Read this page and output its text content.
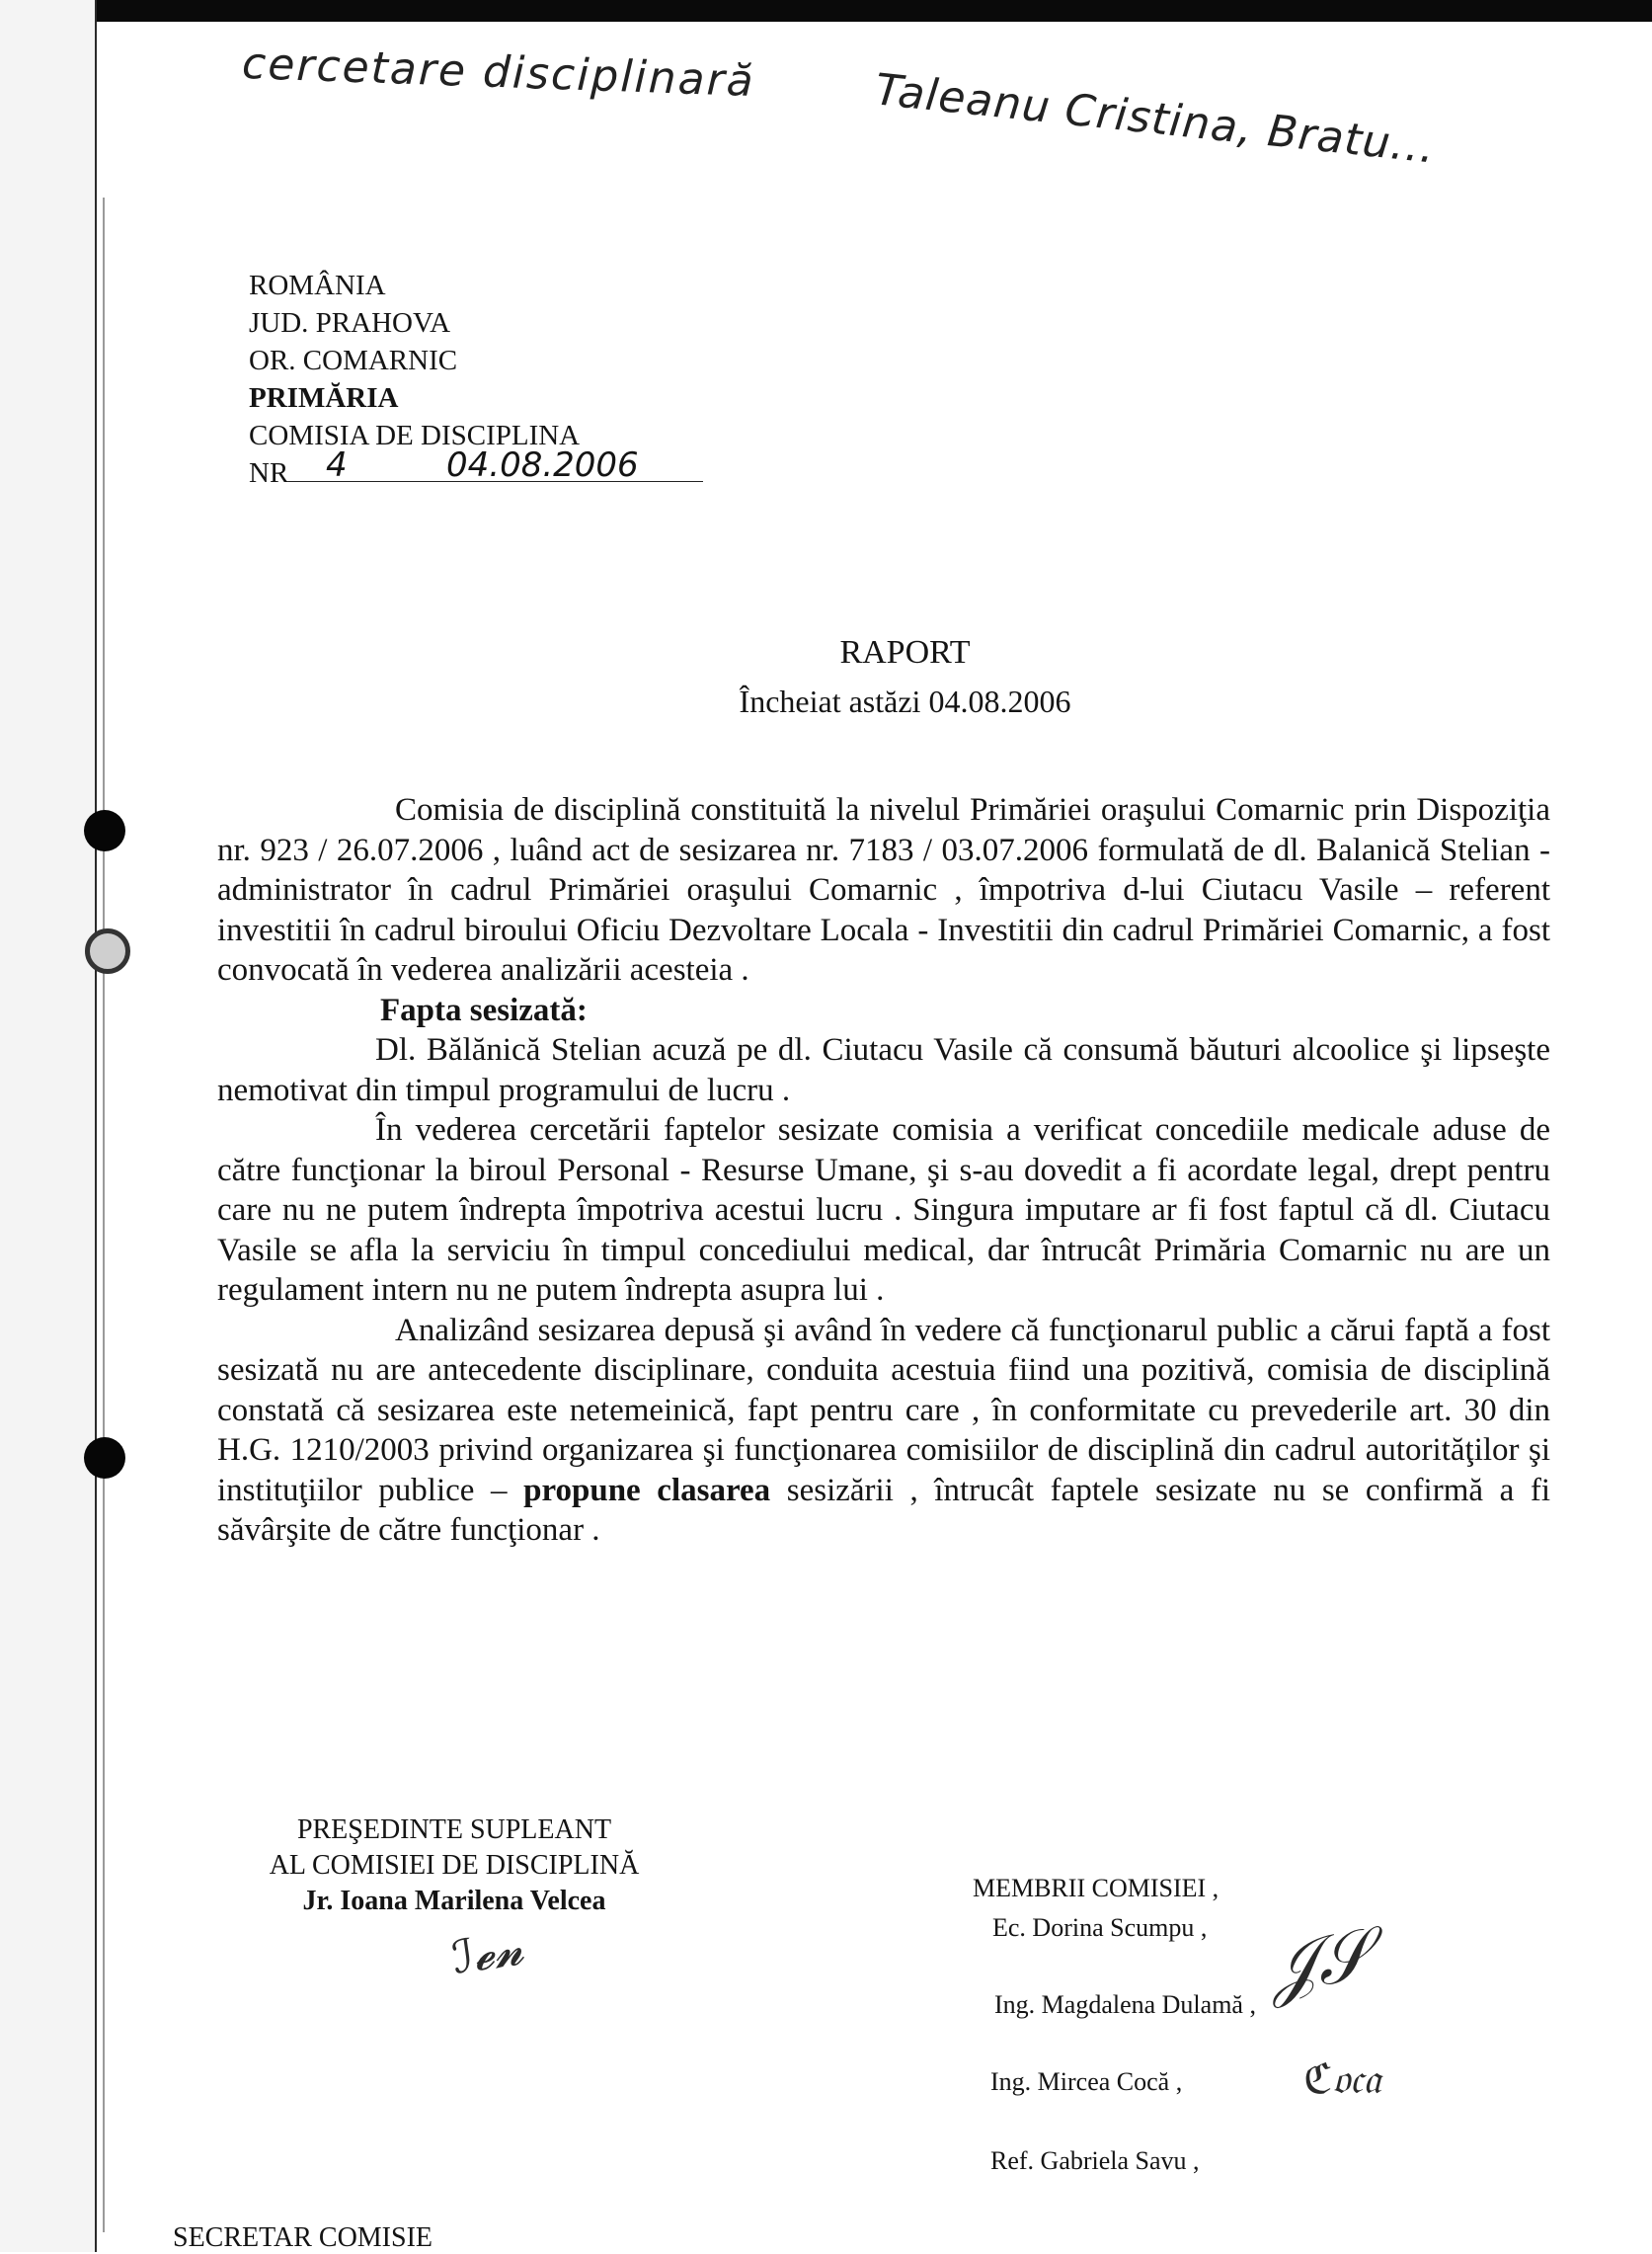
cercetare disciplinară	Taleanu Cristina, Bratu...
ROMÂNIA
JUD. PRAHOVA
OR. COMARNIC
PRIMĂRIA
COMISIA DE DISCIPLINA
NR 4	04.08.2006
RAPORT
Încheiat astăzi 04.08.2006

Comisia de disciplină constituită la nivelul Primăriei oraşului Comarnic prin Dispoziţia nr. 923 / 26.07.2006 , luând act de sesizarea nr. 7183 / 03.07.2006 formulată de dl. Balanică Stelian -administrator în cadrul Primăriei oraşului Comarnic , împotriva d-lui Ciutacu Vasile – referent investitii în cadrul biroului Oficiu Dezvoltare Locala - Investitii din cadrul Primăriei Comarnic, a fost convocată în vederea analizării acesteia .

Fapta sesizată:

Dl. Bălănică Stelian acuză pe dl. Ciutacu Vasile că consumă băuturi alcoolice şi lipseşte nemotivat din timpul programului de lucru .

În vederea cercetării faptelor sesizate comisia a verificat concediile medicale aduse de către funcţionar la biroul Personal - Resurse Umane, şi s-au dovedit a fi acordate legal, drept pentru care nu ne putem îndrepta împotriva acestui lucru . Singura imputare ar fi fost faptul că dl. Ciutacu Vasile se afla la serviciu în timpul concediului medical, dar întrucât Primăria Comarnic nu are un regulament intern nu ne putem îndrepta asupra lui .

Analizând sesizarea depusă şi având în vedere că funcţionarul public a cărui faptă a fost sesizată nu are antecedente disciplinare, conduita acestuia fiind una pozitivă, comisia de disciplină constată că sesizarea este netemeinică, fapt pentru care , în conformitate cu prevederile art. 30 din H.G. 1210/2003 privind organizarea şi funcţionarea comisiilor de disciplină din cadrul autorităţilor şi instituţiilor publice – propune clasarea sesizării , întrucât faptele sesizate nu se confirmă a fi săvârşite de către funcţionar .

PREŞEDINTE SUPLEANT
AL COMISIEI DE DISCIPLINĂ
Jr. Ioana Marilena Velcea
ℐ𝓮𝓷
MEMBRII COMISIEI ,
Ec. Dorina Scumpu ,
Ing. Magdalena Dulamă ,
Ing. Mircea Cocă ,
Ref. Gabriela Savu ,
𝒥𝒮
ℭ𝔬𝔠𝔞
SECRETAR COMISIE
